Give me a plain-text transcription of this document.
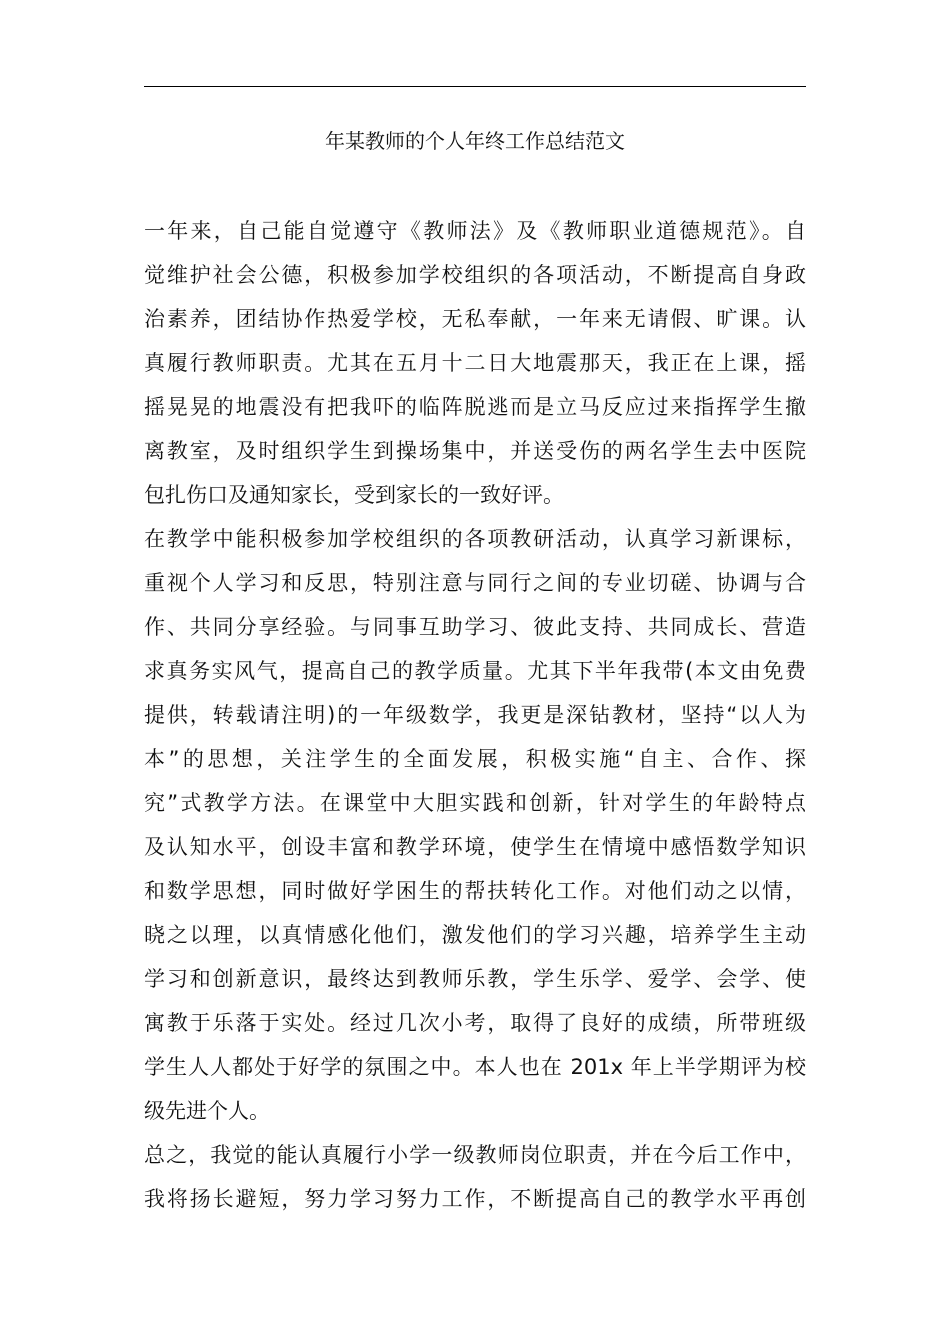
年某教师的个人年终工作总结范文
一年来，自己能自觉遵守《教师法》及《教师职业道德规范》。自
觉维护社会公德，积极参加学校组织的各项活动，不断提高自身政
治素养，团结协作热爱学校，无私奉献，一年来无请假、旷课。认
真履行教师职责。尤其在五月十二日大地震那天，我正在上课，摇
摇晃晃的地震没有把我吓的临阵脱逃而是立马反应过来指挥学生撤
离教室，及时组织学生到操场集中，并送受伤的两名学生去中医院
包扎伤口及通知家长，受到家长的一致好评。
在教学中能积极参加学校组织的各项教研活动，认真学习新课标，
重视个人学习和反思，特别注意与同行之间的专业切磋、协调与合
作、共同分享经验。与同事互助学习、彼此支持、共同成长、营造
求真务实风气，提高自己的教学质量。尤其下半年我带(本文由免费
提供，转载请注明)的一年级数学，我更是深钻教材，坚持“以人为
本”的思想，关注学生的全面发展，积极实施“自主、合作、探
究”式教学方法。在课堂中大胆实践和创新，针对学生的年龄特点
及认知水平，创设丰富和教学环境，使学生在情境中感悟数学知识
和数学思想，同时做好学困生的帮扶转化工作。对他们动之以情，
晓之以理，以真情感化他们，激发他们的学习兴趣，培养学生主动
学习和创新意识，最终达到教师乐教，学生乐学、爱学、会学、使
寓教于乐落于实处。经过几次小考，取得了良好的成绩，所带班级
学生人人都处于好学的氛围之中。本人也在 201x 年上半学期评为校
级先进个人。
总之，我觉的能认真履行小学一级教师岗位职责，并在今后工作中，
我将扬长避短，努力学习努力工作，不断提高自己的教学水平再创
